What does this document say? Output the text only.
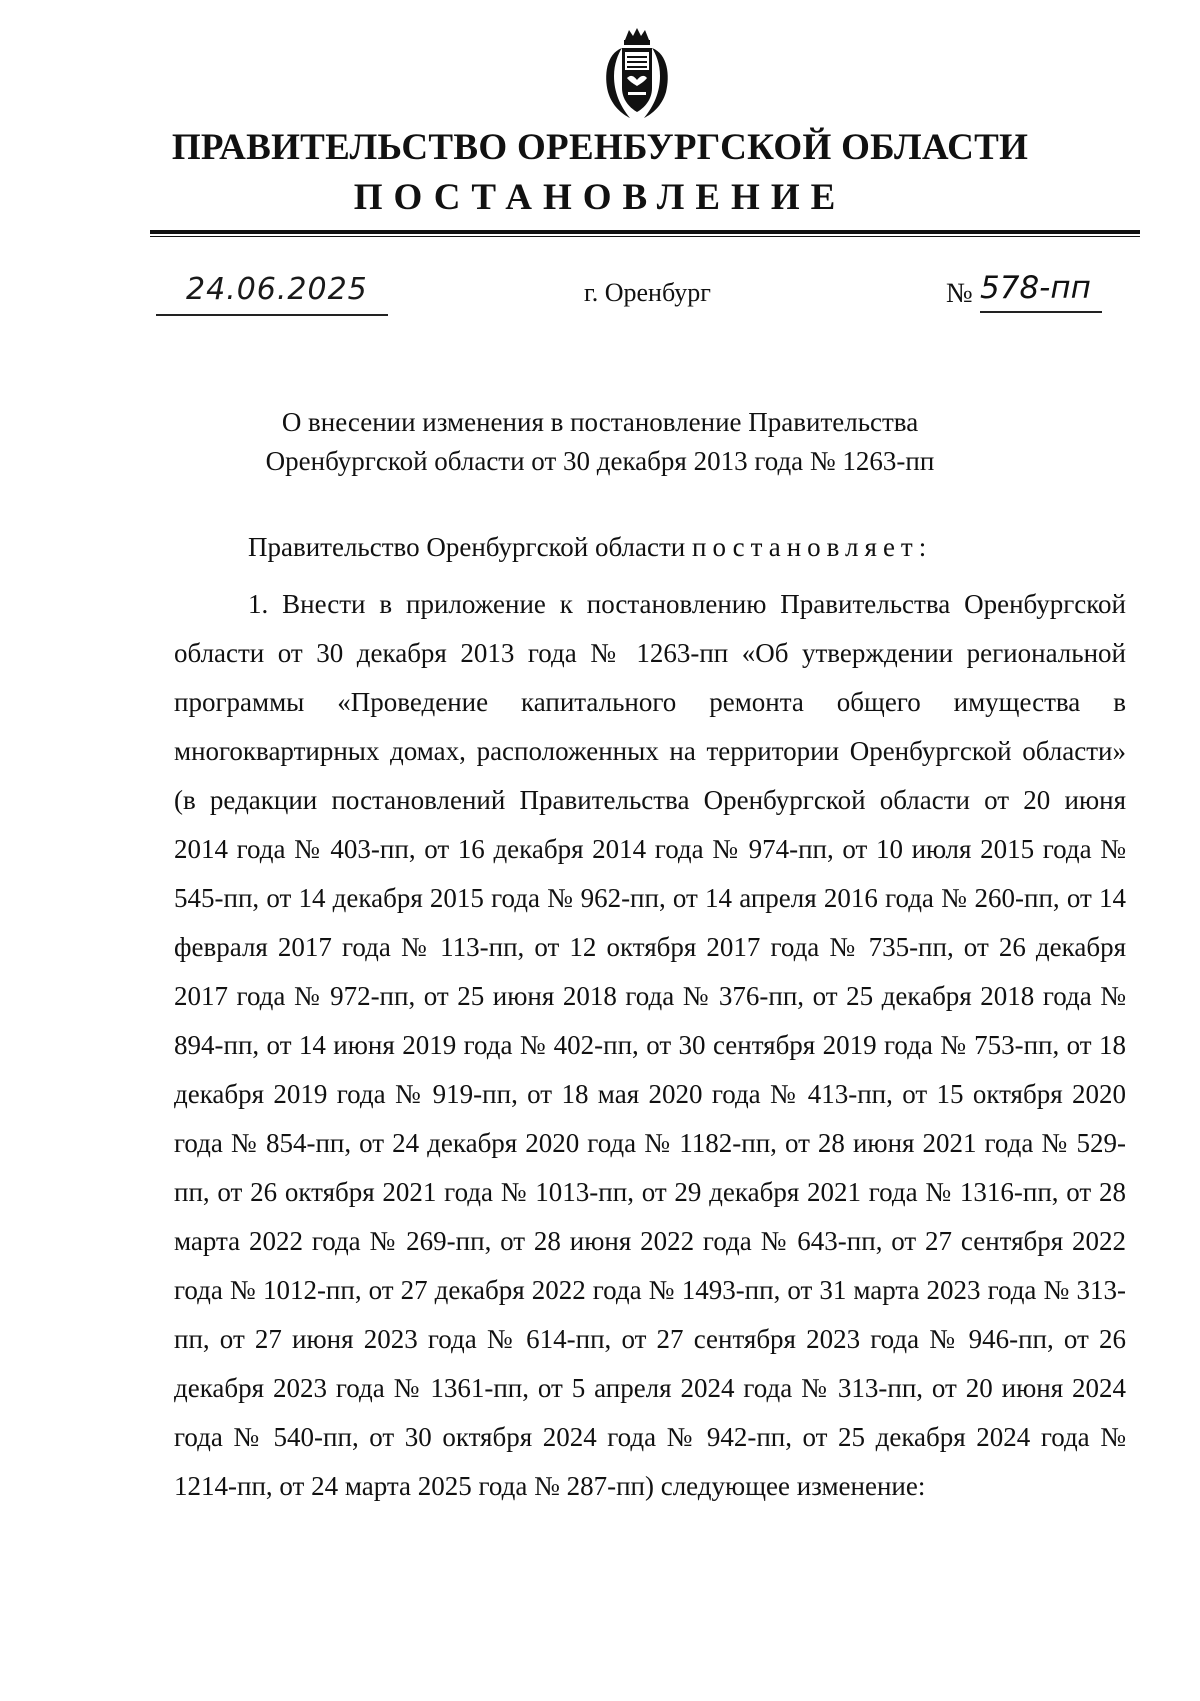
ПРАВИТЕЛЬСТВО ОРЕНБУРГСКОЙ ОБЛАСТИ
ПОСТАНОВЛЕНИЕ
24.06.2025	г. Оренбург	№ 578-пп
О внесении изменения в постановление Правительства
Оренбургской области от 30 декабря 2013 года № 1263-пп
Правительство Оренбургской области постановляет:
1. Внести в приложение к постановлению Правительства Оренбургской области от 30 декабря 2013 года № 1263-пп «Об утверждении региональной программы «Проведение капитального ремонта общего имущества в многоквартирных домах, расположенных на территории Оренбургской области» (в редакции постановлений Правительства Оренбургской области от 20 июня 2014 года № 403-пп, от 16 декабря 2014 года № 974-пп, от 10 июля 2015 года № 545-пп, от 14 декабря 2015 года № 962-пп, от 14 апреля 2016 года № 260-пп, от 14 февраля 2017 года № 113-пп, от 12 октября 2017 года № 735-пп, от 26 декабря 2017 года № 972-пп, от 25 июня 2018 года № 376-пп, от 25 декабря 2018 года № 894-пп, от 14 июня 2019 года № 402-пп, от 30 сентября 2019 года № 753-пп, от 18 декабря 2019 года № 919-пп, от 18 мая 2020 года № 413-пп, от 15 октября 2020 года № 854-пп, от 24 декабря 2020 года № 1182-пп, от 28 июня 2021 года № 529-пп, от 26 октября 2021 года № 1013-пп, от 29 декабря 2021 года № 1316-пп, от 28 марта 2022 года № 269-пп, от 28 июня 2022 года № 643-пп, от 27 сентября 2022 года № 1012-пп, от 27 декабря 2022 года № 1493-пп, от 31 марта 2023 года № 313-пп, от 27 июня 2023 года № 614-пп, от 27 сентября 2023 года № 946-пп, от 26 декабря 2023 года № 1361-пп, от 5 апреля 2024 года № 313-пп, от 20 июня 2024 года № 540-пп, от 30 октября 2024 года № 942-пп, от 25 декабря 2024 года № 1214-пп, от 24 марта 2025 года № 287-пп) следующее изменение:
